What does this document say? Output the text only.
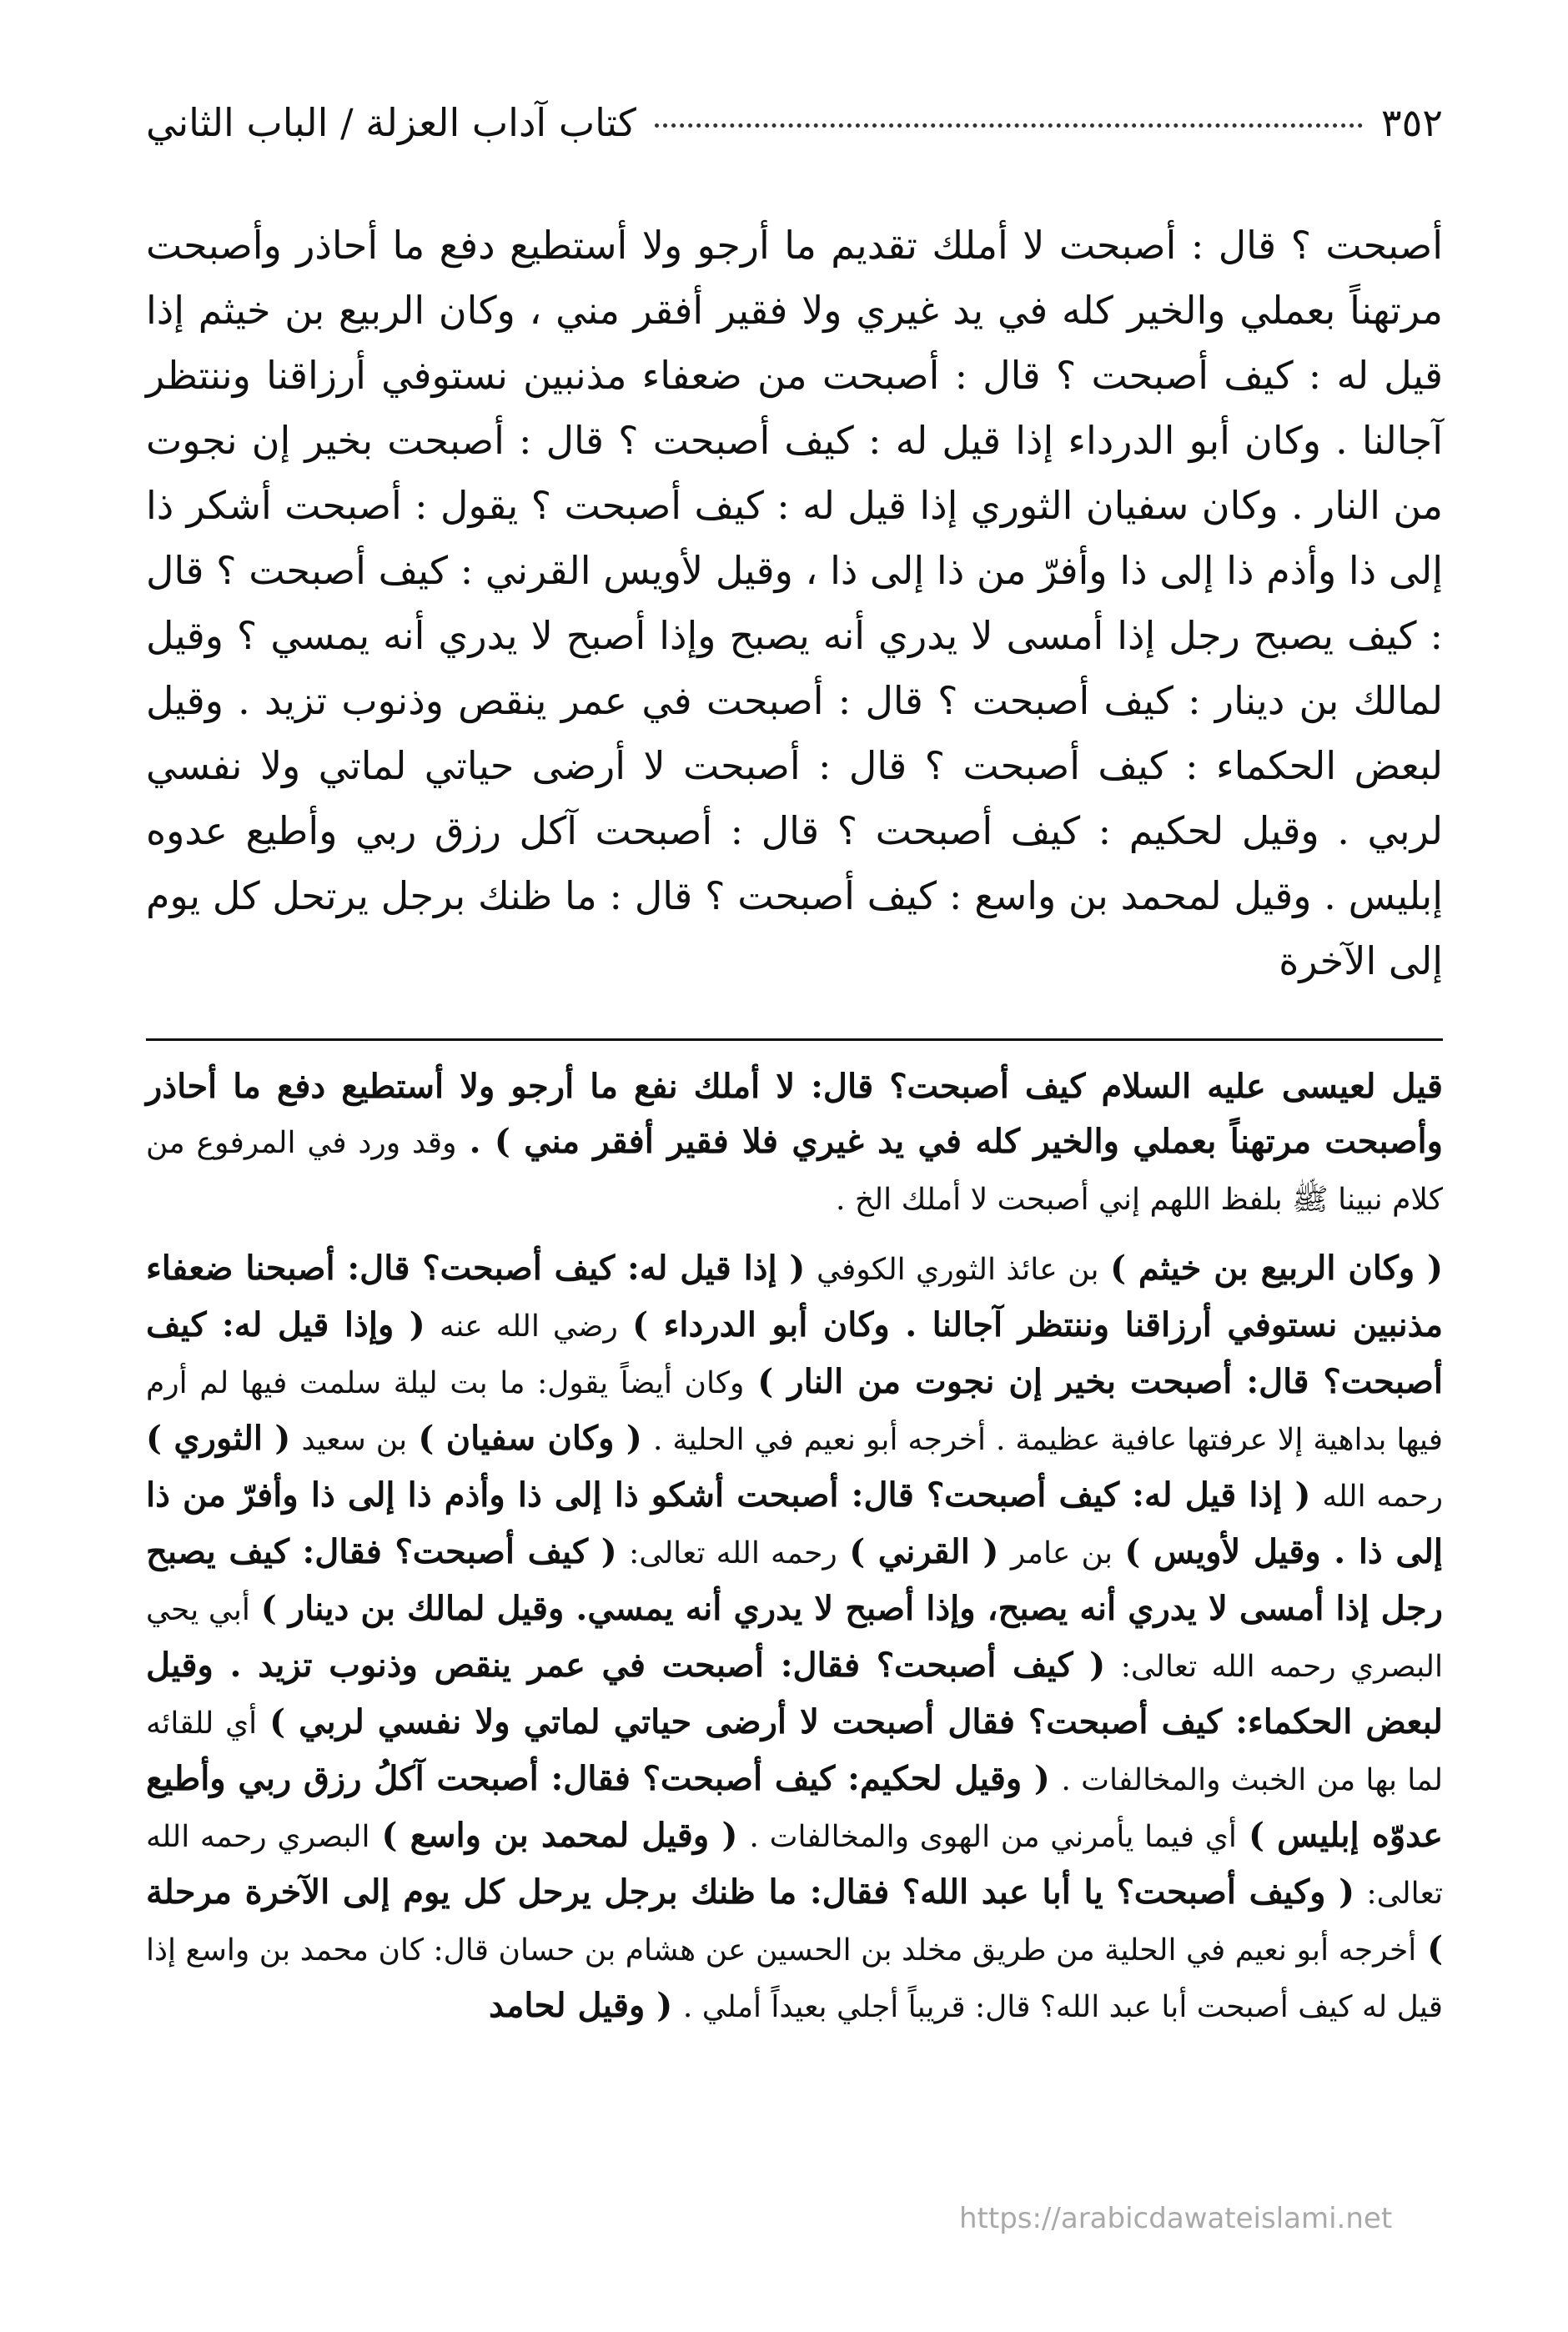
٣٥٢
كتاب آداب العزلة / الباب الثاني

أصبحت ؟ قال : أصبحت لا أملك تقديم ما أرجو ولا أستطيع دفع ما أحاذر وأصبحت مرتهناً بعملي والخير كله في يد غيري ولا فقير أفقر مني ، وكان الربيع بن خيثم إذا قيل له : كيف أصبحت ؟ قال : أصبحت من ضعفاء مذنبين نستوفي أرزاقنا وننتظر آجالنا . وكان أبو الدرداء إذا قيل له : كيف أصبحت ؟ قال : أصبحت بخير إن نجوت من النار . وكان سفيان الثوري إذا قيل له : كيف أصبحت ؟ يقول : أصبحت أشكر ذا إلى ذا وأذم ذا إلى ذا وأفرّ من ذا إلى ذا ، وقيل لأويس القرني : كيف أصبحت ؟ قال : كيف يصبح رجل إذا أمسى لا يدري أنه يصبح وإذا أصبح لا يدري أنه يمسي ؟ وقيل لمالك بن دينار : كيف أصبحت ؟ قال : أصبحت في عمر ينقص وذنوب تزيد . وقيل لبعض الحكماء : كيف أصبحت ؟ قال : أصبحت لا أرضى حياتي لماتي ولا نفسي لربي . وقيل لحكيم : كيف أصبحت ؟ قال : أصبحت آكل رزق ربي وأطيع عدوه إبليس . وقيل لمحمد بن واسع : كيف أصبحت ؟ قال : ما ظنك برجل يرتحل كل يوم إلى الآخرة

قيل لعيسى عليه السلام كيف أصبحت؟ قال: لا أملك نفع ما أرجو ولا أستطيع دفع ما أحاذر وأصبحت مرتهناً بعملي والخير كله في يد غيري فلا فقير أفقر مني ) . وقد ورد في المرفوع من كلام نبينا ﷺ بلفظ اللهم إني أصبحت لا أملك الخ .

( وكان الربيع بن خيثم ) بن عائذ الثوري الكوفي ( إذا قيل له: كيف أصبحت؟ قال: أصبحنا ضعفاء مذنبين نستوفي أرزاقنا وننتظر آجالنا . وكان أبو الدرداء ) رضي الله عنه ( وإذا قيل له: كيف أصبحت؟ قال: أصبحت بخير إن نجوت من النار ) وكان أيضاً يقول: ما بت ليلة سلمت فيها لم أرم فيها بداهية إلا عرفتها عافية عظيمة . أخرجه أبو نعيم في الحلية . ( وكان سفيان ) بن سعيد ( الثوري ) رحمه الله ( إذا قيل له: كيف أصبحت؟ قال: أصبحت أشكو ذا إلى ذا وأذم ذا إلى ذا وأفرّ من ذا إلى ذا . وقيل لأويس ) بن عامر ( القرني ) رحمه الله تعالى: ( كيف أصبحت؟ فقال: كيف يصبح رجل إذا أمسى لا يدري أنه يصبح، وإذا أصبح لا يدري أنه يمسي. وقيل لمالك بن دينار ) أبي يحي البصري رحمه الله تعالى: ( كيف أصبحت؟ فقال: أصبحت في عمر ينقص وذنوب تزيد . وقيل لبعض الحكماء: كيف أصبحت؟ فقال أصبحت لا أرضى حياتي لماتي ولا نفسي لربي ) أي للقائه لما بها من الخبث والمخالفات . ( وقيل لحكيم: كيف أصبحت؟ فقال: أصبحت آكلُ رزق ربي وأطيع عدوّه إبليس ) أي فيما يأمرني من الهوى والمخالفات . ( وقيل لمحمد بن واسع ) البصري رحمه الله تعالى: ( وكيف أصبحت؟ يا أبا عبد الله؟ فقال: ما ظنك برجل يرحل كل يوم إلى الآخرة مرحلة ) أخرجه أبو نعيم في الحلية من طريق مخلد بن الحسين عن هشام بن حسان قال: كان محمد بن واسع إذا قيل له كيف أصبحت أبا عبد الله؟ قال: قريباً أجلي بعيداً أملي . ( وقيل لحامد

https://arabicdawateislami.net
